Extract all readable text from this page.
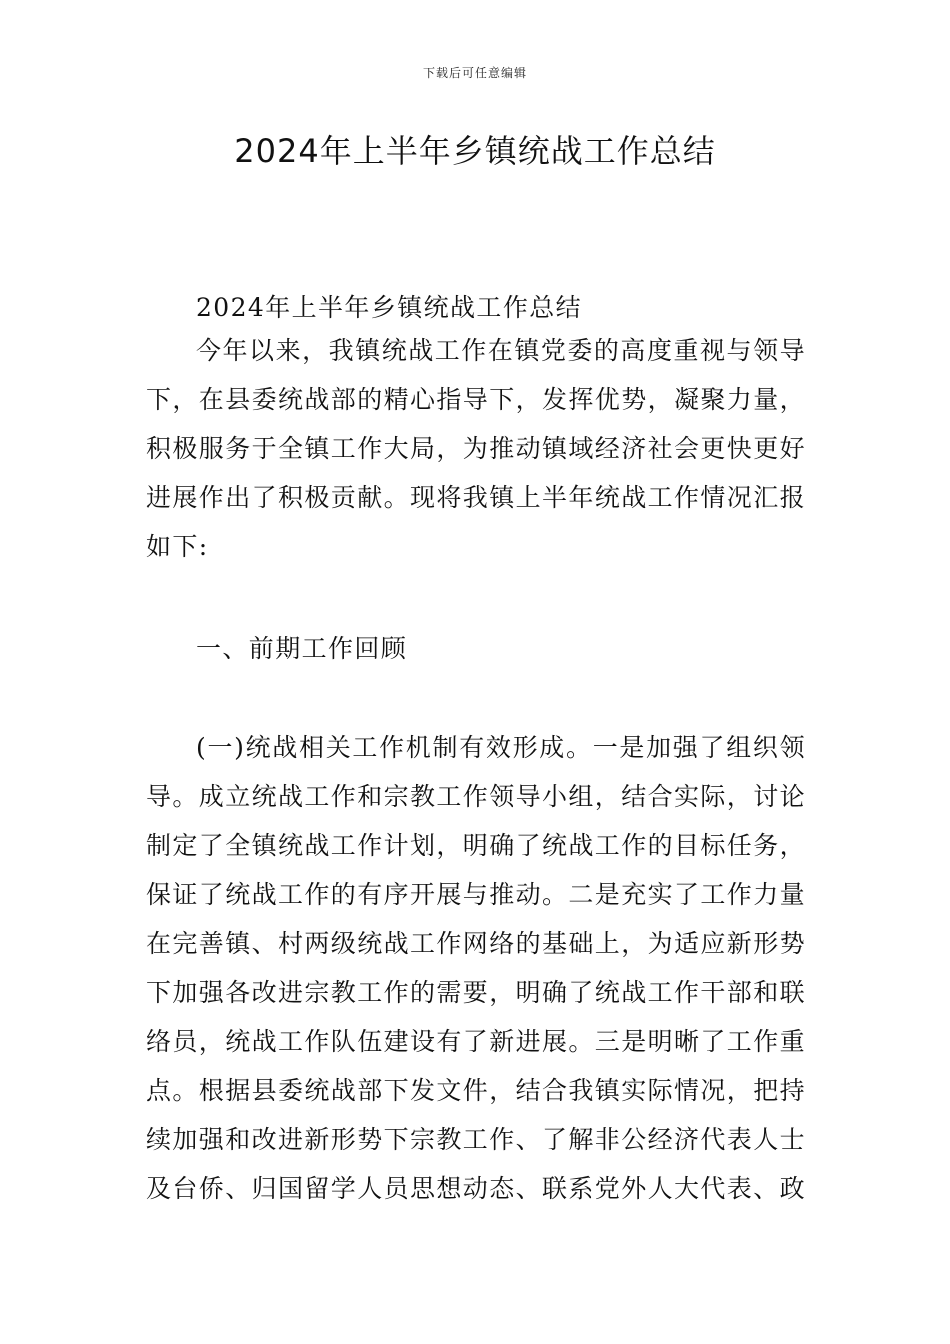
下载后可任意编辑
2024年上半年乡镇统战工作总结

2024年上半年乡镇统战工作总结

今年以来，我镇统战工作在镇党委的高度重视与领导下，在县委统战部的精心指导下，发挥优势，凝聚力量，积极服务于全镇工作大局，为推动镇域经济社会更快更好进展作出了积极贡献。现将我镇上半年统战工作情况汇报如下:

一、前期工作回顾

(一)统战相关工作机制有效形成。一是加强了组织领导。成立统战工作和宗教工作领导小组，结合实际，讨论制定了全镇统战工作计划，明确了统战工作的目标任务，保证了统战工作的有序开展与推动。二是充实了工作力量在完善镇、村两级统战工作网络的基础上，为适应新形势下加强各改进宗教工作的需要，明确了统战工作干部和联络员，统战工作队伍建设有了新进展。三是明晰了工作重点。根据县委统战部下发文件，结合我镇实际情况，把持续加强和改进新形势下宗教工作、了解非公经济代表人士及台侨、归国留学人员思想动态、联系党外人大代表、政
